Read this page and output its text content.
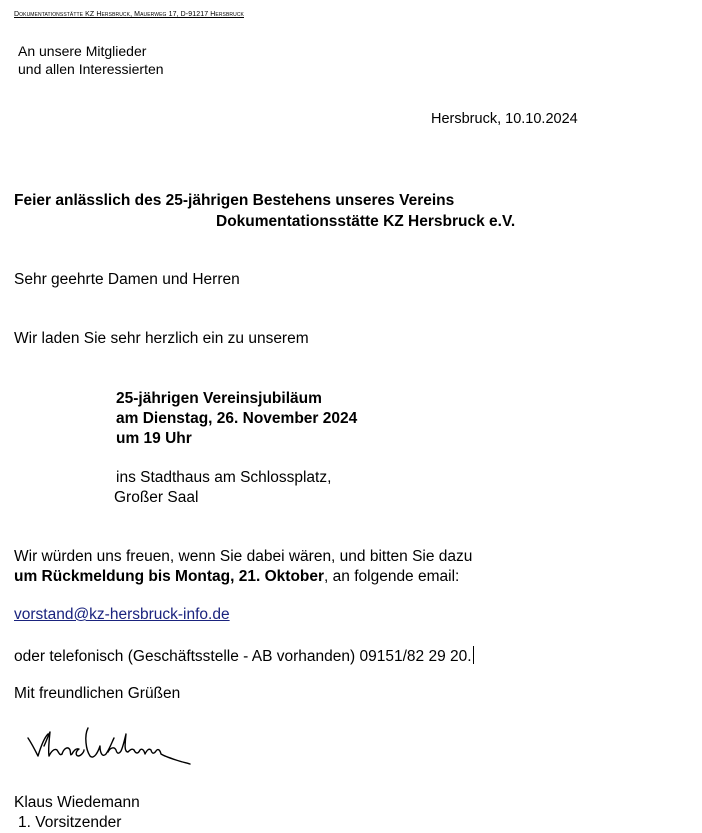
Dokumentationsstätte KZ Hersbruck, Mauerweg 17, D-91217 Hersbruck
An unsere Mitglieder
und allen Interessierten
Hersbruck, 10.10.2024
Feier anlässlich des 25-jährigen Bestehens unseres Vereins
Dokumentationsstätte KZ Hersbruck e.V.
Sehr geehrte Damen und Herren
Wir laden Sie sehr herzlich ein zu unserem
25-jährigen Vereinsjubiläum
am Dienstag, 26. November 2024
um 19 Uhr
ins Stadthaus am Schlossplatz,
Großer Saal
Wir würden uns freuen, wenn Sie dabei wären, und bitten Sie dazu
um Rückmeldung bis Montag, 21. Oktober, an folgende email:
vorstand@kz-hersbruck-info.de
oder telefonisch (Geschäftsstelle - AB vorhanden) 09151/82 29 20.
Mit freundlichen Grüßen
Klaus Wiedemann
1. Vorsitzender
